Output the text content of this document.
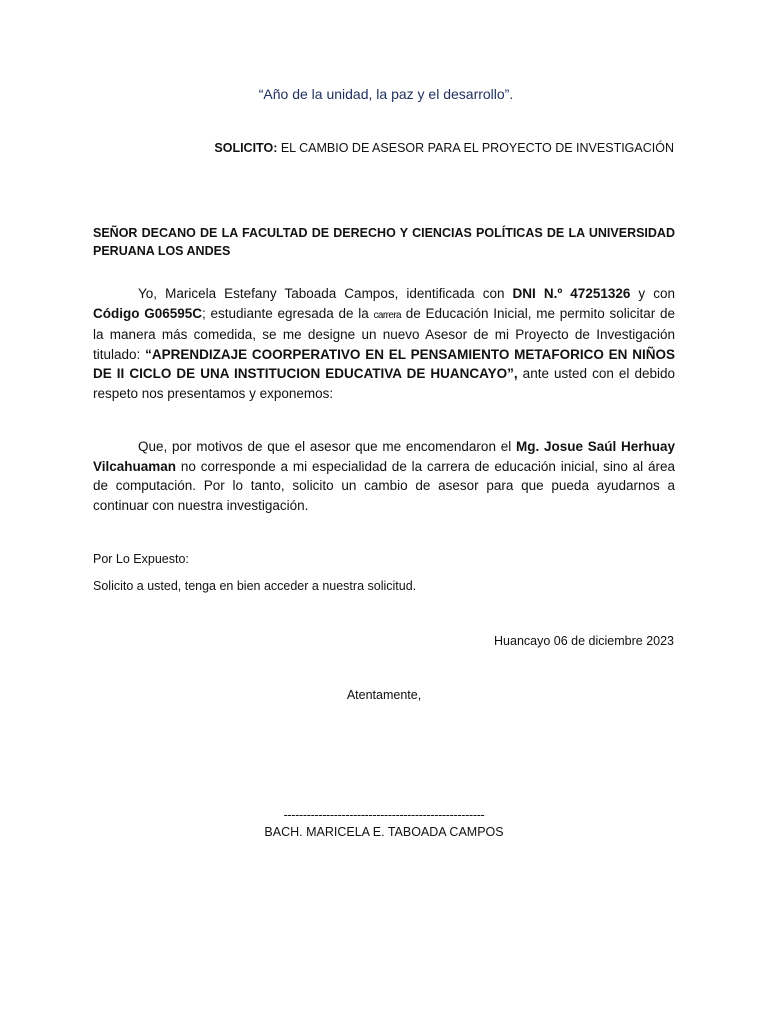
“Año de la unidad, la paz y el desarrollo”.
SOLICITO: EL CAMBIO DE ASESOR PARA EL PROYECTO DE INVESTIGACIÓN
SEÑOR DECANO DE LA FACULTAD DE DERECHO Y CIENCIAS POLÍTICAS DE LA UNIVERSIDAD PERUANA LOS ANDES
Yo, Maricela Estefany Taboada Campos, identificada con DNI N.º 47251326 y con Código G06595C; estudiante egresada de la carrera de Educación Inicial, me permito solicitar de la manera más comedida, se me designe un nuevo Asesor de mi Proyecto de Investigación titulado: “APRENDIZAJE COORPERATIVO EN EL PENSAMIENTO METAFORICO EN NIÑOS DE II CICLO DE UNA INSTITUCION EDUCATIVA DE HUANCAYO”, ante usted con el debido respeto nos presentamos y exponemos:
Que, por motivos de que el asesor que me encomendaron el Mg. Josue Saúl Herhuay Vilcahuaman no corresponde a mi especialidad de la carrera de educación inicial, sino al área de computación. Por lo tanto, solicito un cambio de asesor para que pueda ayudarnos a continuar con nuestra investigación.
Por Lo Expuesto:
Solicito a usted, tenga en bien acceder a nuestra solicitud.
Huancayo 06 de diciembre 2023
Atentamente,
----------------------------------------------------
BACH. MARICELA E. TABOADA CAMPOS
